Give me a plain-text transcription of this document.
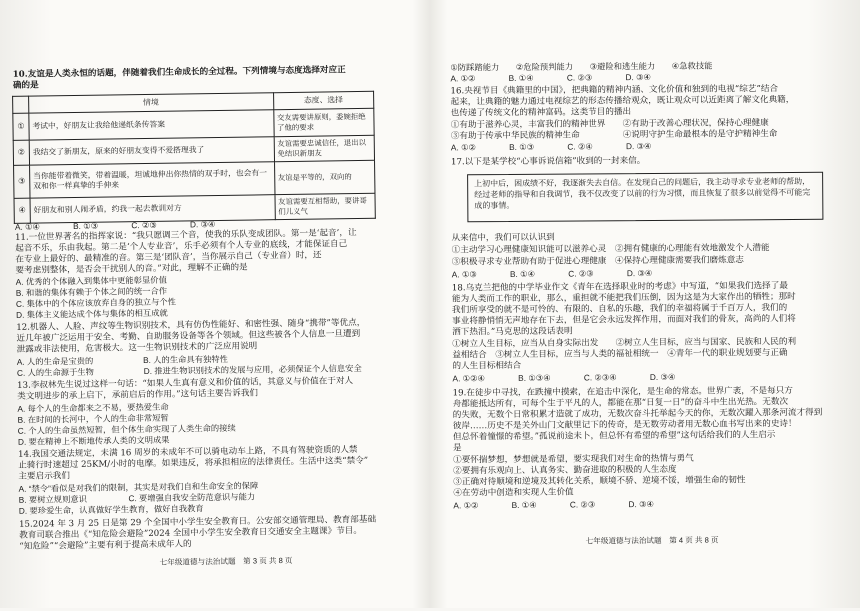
10.友谊是人类永恒的话题，伴随着我们生命成长的全过程。下列情境与态度选择对应正
确的是
	情境	态度、选择
①	考试中，好朋友让我给他递纸条传答案	交友需要讲原则，委婉拒绝了他的要求
②	我结交了新朋友，原来的好朋友变得不爱搭理我了	友谊需要忠诚信任，退出以免结识新朋友
③	当你能带着微笑，带着温暖，坦诚地伸出你热情的双手时，也会有一双和你一样真挚的手伸来	友谊是平等的，双向的
④	好朋友和别人闹矛盾，约我一起去教训对方	友谊需要互相帮助，要讲哥们儿义气
A. ①④　　　　B. ①③　　　　C. ②③　　　　D. ③④
11.一位世界著名的指挥家说：“我只愿调三个音，使我的乐队变成团队。第一是‘起音’，让
起音不乐，乐由我起。第二是‘个人专业音’，乐手必须有个人专业的底线，才能保证自己
在专业上最好的、最精准的音。第三是‘团队音’，当你展示自己（专业音）时，还
要考虑别整体，是否会干扰别人的音。”对此，理解不正确的是
A. 优秀的个体融入到集体中更能彰显价值
B. 和谐的集体有赖于个体之间的统一合作
C. 集体中的个体应该放弃自身的独立与个性
D. 集体主义能达成个体与集体的相互成就
12.机器人、人脸、声纹等生物识别技术，具有仿伪性能好、和密性强、随身“携带”等优点，
近几年被广泛运用于安全、考勤、自助服务设备等各个领域。但这些被各个人信息一旦遭到
泄露或非法使用，危害极大。这一生物识别技术的广泛应用说明
A. 人的生命是宝贵的　　　　　　B. 人的生命具有独特性
C. 人的生命源于生物　　　　　　D. 推进生物识别技术的发展与应用，必须保证个人信息安全
13.李叔林先生说过这样一句话：“如果人生真有意义和价值的话，其意义与价值在于对人
类文明进步的承上启下，承前启后的作用。”这句话主要告诉我们
A. 每个人的生命都来之不易，要热爱生命
B. 在时间的长河中，个人的生命非常短暂
C. 个人的生命虽然短暂，但个体生命实现了人类生命的接续
D. 要在精神上不断地传承人类的文明成果
14.我国交通法规定，未满 16 周岁的未成年不可以骑电动车上路，不具有驾驶资质的人禁
止骑行时速超过 25KM/小时的电摩。如果违反，将承担相应的法律责任。生活中这类“禁令”
主要启示我们
A. “禁令”看似是对我们的限制，其实是对我们自和生命安全的保障
B. 要树立规则意识　　　　　C. 要增强自我安全防范意识与能力
D. 要珍爱生命，认真做好学生教育，做好自我教育
15.2024 年 3 月 25 日是第 29 个全国中小学生安全教育日。公安部交通管理局、教育部基础
教育司联合推出《“知危险会避险”2024 全国中小学生安全教育日交通安全主题课》节目。
“知危险”“会避险”主要有利于提高未成年人的
七年级道德与法治试题　第 3 页 共 8 页
①防踩踏能力　　②危险预判能力　　③避险和逃生能力　　④急救技能
A. ①②　　　　B. ①④　　　　C. ②③　　　　D. ③④
16.央视节目《典籍里的中国》，把典籍的精神内涵、文化价值和独到的电视“综艺”结合
起来，让典籍的魅力通过电视综艺的形态传播给观众，既让观众可以近距离了解文化典籍，
也传递了传统文化的精神富码。这类节目的播出
①有助于滋养心灵，丰富我们的精神世界　　②有助于改善心理状况，保持心理健康
③有助于传承中华民族的精神生命　　　　　④说明守护生命最根本的是守护精神生命
A. ①②　　　　B. ①③　　　　C. ②④　　　　D. ③④
17.以下是某学校“心事诉说信箱”收到的一封来信。
上初中后，困成绩不好，我逐渐失去自信。在发现自己的问题后，我主动寻求专业老师的帮助，经过老师的指导和自我调节，我不仅改变了以前的行为习惯，而且恢复了很多以前觉得不可能完成的事情。
从来信中，我们可以认识到
①主动学习心理健康知识能可以滋养心灵　②拥有健康的心理能有效地激发个人潜能
③积极寻求专业帮助有助于促进心理健康　④保持心理健康需要我们磨炼意志
A. ①③　　　　B. ①④　　　　C. ②③　　　　D. ③④
18.乌克兰把他的中学毕业作文《青年在选择职业时的考虑》中写道，“如果我们选择了最
能为人类而工作的职业，那么，重担就不能把我们压倒，因为这是为大家作出的牺牲；那时
我们所享受的就不是可怜的、有限的、自私的乐趣，我们的幸福将属于千百万人，我们的
事业将静悄悄无声地存在下去，但是它会永远发挥作用，而面对我们的骨灰，高尚的人们将
洒下热泪。”马克思的这段话表明
①树立人生目标，应当从自身实际出发　　②树立人生目标，应当与国家、民族和人民的利
益相结合　③树立人生目标，应当与人类的福祉相统一　④青年一代的职业规划要与正确
的人生目标相结合
A. ①②④　　　　B. ①③④　　　　C. ②③④　　　　D. ③④
19.在徒步中寻找，在跌撞中摸索，在追击中深化，是生命的常态。世界广袤，不是每只方
舟都能抵达所有，可每个生于平凡的人，都能在那“日复一日”的奋斗中生出光热。无数次
的失败，无数个日常积累才造就了成功，无数次奋斗托举起今天的你，无数次躍入那条河流才得到
彼岸……历史不是关外山门文献里记下的传奇，是无数劳动者用无数心血书写出来的史诗！
但总怀着憧憬的希望。”孤说前途未卜，但总怀有希望的希望”这句话给我们的人生启示
是
①要怀揣梦想，梦想就是希望，要实现我们对生命的热情与勇气
②要拥有乐观向上、认真务实、勤奋进取的积极的人生态度
③正确对待顺境和逆境及其转化关系，顺境不骄、逆境不馁，增强生命的韧性
④在劳动中创造和实现人生价值
A. ①②　　　　B. ①④　　　　C. ②③　　　　D. ③④
七年级道德与法治试题　第 4 页 共 8 页
